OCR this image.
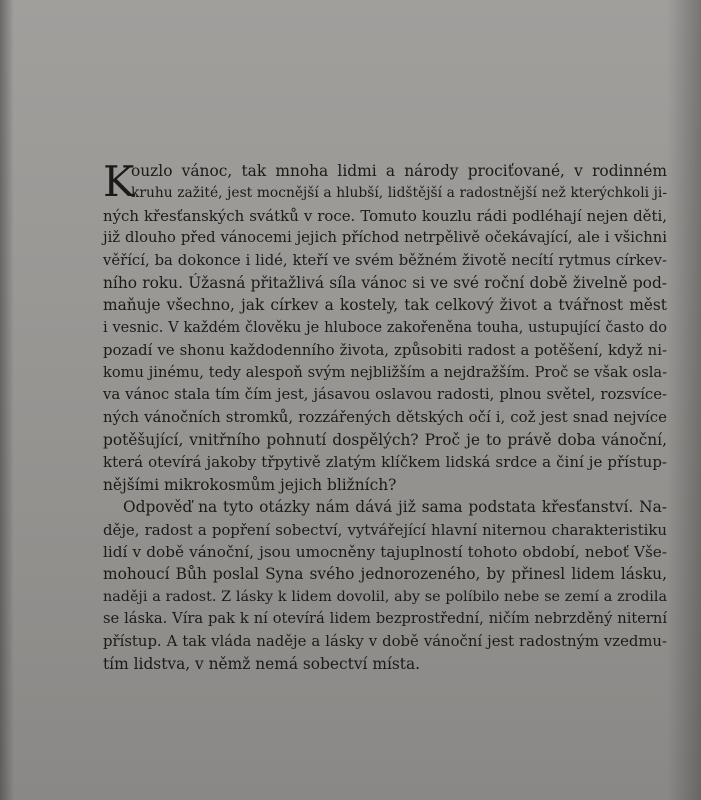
K
ouzlo vánoc, tak mnoha lidmi a národy prociťované, v rodinném
kruhu zažité, jest mocnější a hlubší, lidštější a radostnější než kterýchkoli ji-
ných křesťanských svátků v roce. Tomuto kouzlu rádi podléhají nejen děti,
již dlouho před vánocemi jejich příchod netrpělivě očekávající, ale i všichni
věřící, ba dokonce i lidé, kteří ve svém běžném životě necítí rytmus církev-
ního roku. Úžasná přitažlivá síla vánoc si ve své roční době živelně pod-
maňuje všechno, jak církev a kostely, tak celkový život a tvářnost měst
i vesnic. V každém člověku je hluboce zakořeněna touha, ustupující často do
pozadí ve shonu každodenního života, způsobiti radost a potěšení, když ni-
komu jinému, tedy alespoň svým nejbližším a nejdražším. Proč se však osla-
va vánoc stala tím čím jest, jásavou oslavou radosti, plnou světel, rozsvíce-
ných vánočních stromků, rozzářených dětských očí i, což jest snad nejvíce
potěšující, vnitřního pohnutí dospělých? Proč je to právě doba vánoční,
která otevírá jakoby třpytivě zlatým klíčkem lidská srdce a činí je přístup-
nějšími mikrokosmům jejich bližních?
Odpověď na tyto otázky nám dává již sama podstata křesťanství. Na-
děje, radost a popření sobectví, vytvářející hlavní niternou charakteristiku
lidí v době vánoční, jsou umocněny tajuplností tohoto období, neboť Vše-
mohoucí Bůh poslal Syna svého jednorozeného, by přinesl lidem lásku,
naději a radost. Z lásky k lidem dovolil, aby se políbilo nebe se zemí a zrodila
se láska. Víra pak k ní otevírá lidem bezprostřední, ničím nebrzděný niterní
přístup. A tak vláda naděje a lásky v době vánoční jest radostným vzedmu-
tím lidstva, v němž nemá sobectví místa.
